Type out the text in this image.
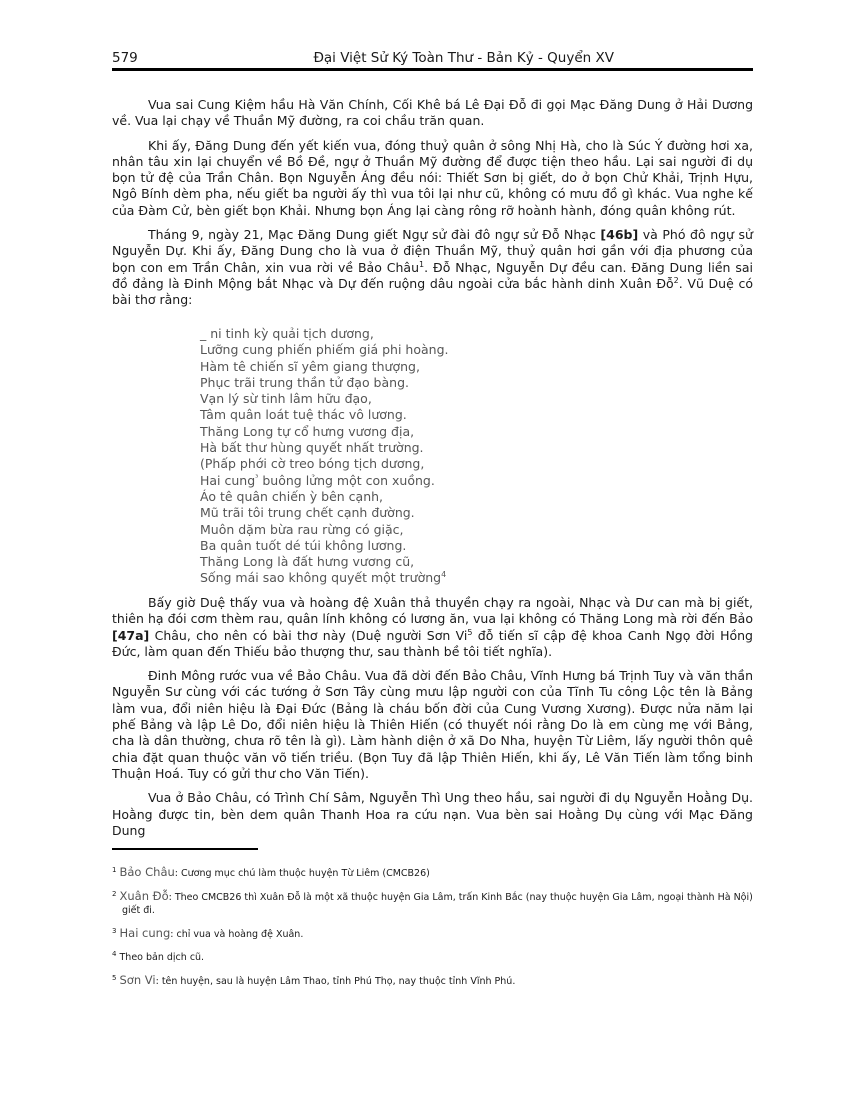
579	Đại Việt Sử Ký Toàn Thư - Bản Kỷ - Quyển XV

Vua sai Cung Kiệm hầu Hà Văn Chính, Cối Khê bá Lê Đại Đỗ đi gọi Mạc Đăng Dung ở Hải Dương về. Vua lại chạy về Thuần Mỹ đường, ra coi chầu trăn quan.

Khi ấy, Đăng Dung đến yết kiến vua, đóng thuỷ quân ở sông Nhị Hà, cho là Súc Ý đường hơi xa, nhân tâu xin lại chuyển về Bồ Đề, ngự ở Thuần Mỹ đường để được tiện theo hầu. Lại sai người đi dụ bọn tử đệ của Trần Chân. Bọn Nguyễn Áng đều nói: Thiết Sơn bị giết, do ở bọn Chử Khải, Trịnh Hựu, Ngô Bính dèm pha, nếu giết ba người ấy thì vua tôi lại như cũ, không có mưu đồ gì khác. Vua nghe kế của Đàm Cử, bèn giết bọn Khải. Nhưng bọn Áng lại càng rông rỡ hoành hành, đóng quân không rút.

Tháng 9, ngày 21, Mạc Đăng Dung giết Ngự sử đài đô ngự sử Đỗ Nhạc [46b] và Phó đô ngự sử Nguyễn Dự. Khi ấy, Đăng Dung cho là vua ở điện Thuần Mỹ, thuỷ quân hơi gần với địa phương của bọn con em Trần Chân, xin vua rời về Bảo Châu$^1$. Đỗ Nhạc, Nguyễn Dự đều can. Đăng Dung liền sai đồ đảng là Đinh Mộng bắt Nhạc và Dự đến ruộng dâu ngoài cửa bắc hành dinh Xuân Đỗ$^2$. Vũ Duệ có bài thơ rằng:

_ ni tinh kỳ quải tịch dương,
Lưỡng cung phiến phiếm giá phi hoàng.
Hàm tê chiến sĩ yêm giang thượng,
Phục trãi trung thần tử đạo bàng.
Vạn lý sừ tinh lâm hữu đạo,
Tâm quân loát tuệ thác vô lương.
Thăng Long tự cổ hưng vương địa,
Hà bất thư hùng quyết nhất trường.
(Phấp phới cờ treo bóng tịch dương,
Hai cung$^{^3}$ buông lửng một con xuồng.
Áo tê quân chiến ỳ bên cạnh,
Mũ trãi tôi trung chết cạnh đường.
Muôn dặm bừa rau rừng có giặc,
Ba quân tuốt dé túi không lương.
Thăng Long là đất hưng vương cũ,
Sống mái sao không quyết một trường$^4$

Bấy giờ Duệ thấy vua và hoàng đệ Xuân thả thuyền chạy ra ngoài, Nhạc và Dư can mà bị giết, thiên hạ đói cơm thèm rau, quân lính không có lương ăn, vua lại không có Thăng Long mà rời đến Bảo [47a] Châu, cho nên có bài thơ này (Duệ người Sơn Vi$^5$ đỗ tiến sĩ cập đệ khoa Canh Ngọ đời Hồng Đức, làm quan đến Thiếu bảo thượng thư, sau thành bề tôi tiết nghĩa).

Đinh Mông rước vua về Bảo Châu. Vua đã dời đến Bảo Châu, Vĩnh Hưng bá Trịnh Tuy và văn thần Nguyễn Sư cùng với các tướng ở Sơn Tây cùng mưu lập người con của Tĩnh Tu công Lộc tên là Bảng làm vua, đổi niên hiệu là Đại Đức (Bảng là cháu bốn đời của Cung Vương Xương). Được nửa năm lại phế Bảng và lập Lê Do, đổi niên hiệu là Thiên Hiến (có thuyết nói rằng Do là em cùng mẹ với Bảng, cha là dân thường, chưa rõ tên là gì). Làm hành diện ở xã Do Nha, huyện Từ Liêm, lấy người thôn quê chia đặt quan thuộc văn võ tiến triều. (Bọn Tuy đã lập Thiên Hiến, khi ấy, Lê Văn Tiến làm tổng binh Thuận Hoá. Tuy có gửi thư cho Văn Tiến).

Vua ở Bảo Châu, có Trình Chí Sâm, Nguyễn Thì Ung theo hầu, sai người đi dụ Nguyễn Hoằng Dụ. Hoằng được tin, bèn dem quân Thanh Hoa ra cứu nạn. Vua bèn sai Hoằng Dụ cùng với Mạc Đăng Dung

$^1$ Bảo Châu: Cương mục chú làm thuộc huyện Từ Liêm (CMCB26)
$^2$ Xuân Đỗ: Theo CMCB26 thì Xuân Đỗ là một xã thuộc huyện Gia Lâm, trấn Kinh Bắc (nay thuộc huyện Gia Lâm, ngoại thành Hà Nội) giết đi.
$^3$ Hai cung: chỉ vua và hoàng đệ Xuân.
$^4$ Theo bản dịch cũ.
$^5$ Sơn Vi: tên huyện, sau là huyện Lâm Thao, tỉnh Phú Thọ, nay thuộc tỉnh Vĩnh Phú.
